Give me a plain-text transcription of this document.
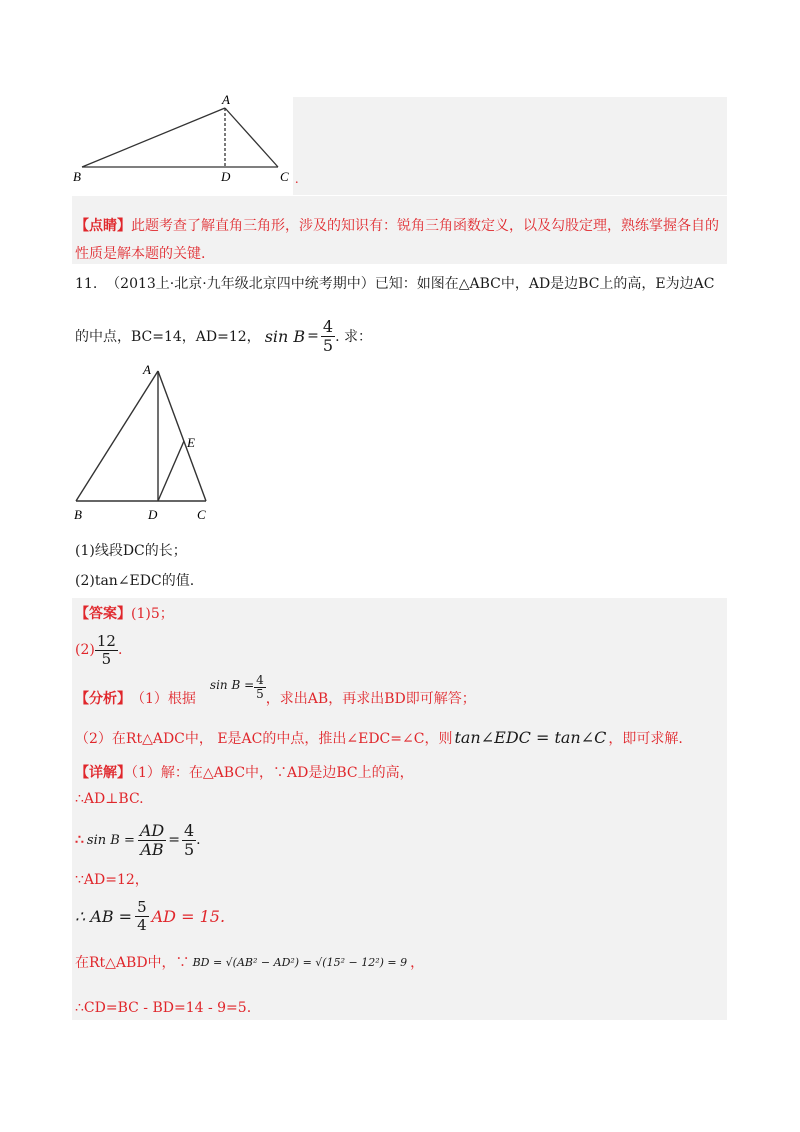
A
B	D	C .
【点睛】此题考查了解直角三角形，涉及的知识有：锐角三角函数定义，以及勾股定理，熟练掌握各自的
性质是解本题的关键.
11. （2013上·北京·九年级北京四中统考期中）已知：如图在△ABC中，AD是边BC上的高，E为边AC
的中点，BC=14，AD=12， $\sin B = \frac{4}{5}$ . 求：
A
B	D	C
E
(1)线段DC的长；
(2)tan∠EDC的值.
【答案】(1)5；
$(2) \frac{12}{5}$ .
【分析】 （1）根据
$\sin B = \frac{4}{5}$ ，求出AB，再求出BD即可解答；
（2）在Rt△ADC中， E是AC的中点，推出∠EDC=∠C，则 tan∠EDC = tan∠C ，即可求解.
【详解】（1）解：在△ABC中，∵AD是边BC上的高，
∴AD⊥BC.
∴ $\sin B = \frac{AD}{AB} = \frac{4}{5}$ .
∵AD=12，
∴ AB = $\frac{5}{4}$ AD = 15.
在Rt△ABD中，∵ BD = √(AB² − AD²) = √(15² − 12²) = 9 ，
∴CD=BC - BD=14 - 9=5.
